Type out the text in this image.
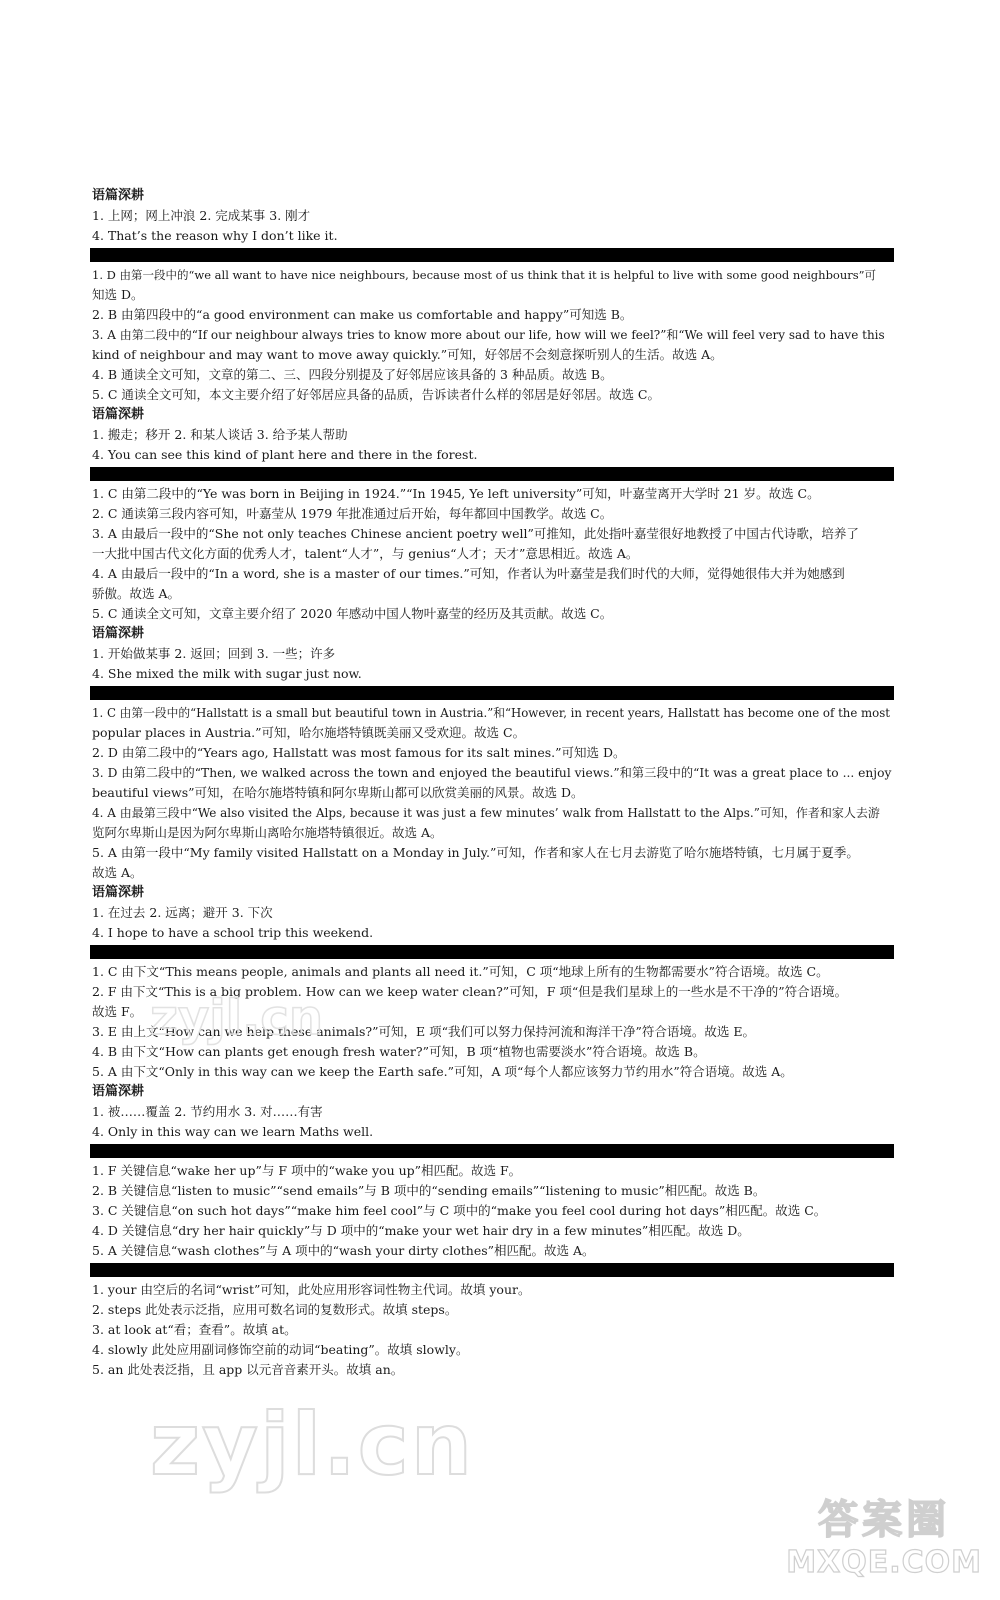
语篇深耕
1. 上网；网上冲浪 2. 完成某事 3. 刚才
4. That’s the reason why I don’t like it.
1. D 由第一段中的“we all want to have nice neighbours, because most of us think that it is helpful to live with some good neighbours”可
知选 D。
2. B 由第四段中的“a good environment can make us comfortable and happy”可知选 B。
3. A 由第二段中的“If our neighbour always tries to know more about our life, how will we feel?”和“We will feel very sad to have this
kind of neighbour and may want to move away quickly.”可知，好邻居不会刻意探听别人的生活。故选 A。
4. B 通读全文可知，文章的第二、三、四段分别提及了好邻居应该具备的 3 种品质。故选 B。
5. C 通读全文可知，本文主要介绍了好邻居应具备的品质，告诉读者什么样的邻居是好邻居。故选 C。
语篇深耕
1. 搬走；移开 2. 和某人谈话 3. 给予某人帮助
4. You can see this kind of plant here and there in the forest.
1. C 由第二段中的“Ye was born in Beijing in 1924.”“In 1945, Ye left university”可知，叶嘉莹离开大学时 21 岁。故选 C。
2. C 通读第三段内容可知，叶嘉莹从 1979 年批准通过后开始，每年都回中国教学。故选 C。
3. A 由最后一段中的“She not only teaches Chinese ancient poetry well”可推知，此处指叶嘉莹很好地教授了中国古代诗歌，培养了
一大批中国古代文化方面的优秀人才，talent“人才”，与 genius“人才；天才”意思相近。故选 A。
4. A 由最后一段中的“In a word, she is a master of our times.”可知，作者认为叶嘉莹是我们时代的大师，觉得她很伟大并为她感到
骄傲。故选 A。
5. C 通读全文可知，文章主要介绍了 2020 年感动中国人物叶嘉莹的经历及其贡献。故选 C。
语篇深耕
1. 开始做某事 2. 返回；回到 3. 一些；许多
4. She mixed the milk with sugar just now.
1. C 由第一段中的“Hallstatt is a small but beautiful town in Austria.”和“However, in recent years, Hallstatt has become one of the most
popular places in Austria.”可知，哈尔施塔特镇既美丽又受欢迎。故选 C。
2. D 由第二段中的“Years ago, Hallstatt was most famous for its salt mines.”可知选 D。
3. D 由第二段中的“Then, we walked across the town and enjoyed the beautiful views.”和第三段中的“It was a great place to ... enjoy
beautiful views”可知，在哈尔施塔特镇和阿尔卑斯山都可以欣赏美丽的风景。故选 D。
4. A 由最第三段中“We also visited the Alps, because it was just a few minutes’ walk from Hallstatt to the Alps.”可知，作者和家人去游
览阿尔卑斯山是因为阿尔卑斯山离哈尔施塔特镇很近。故选 A。
5. A 由第一段中“My family visited Hallstatt on a Monday in July.”可知，作者和家人在七月去游览了哈尔施塔特镇，七月属于夏季。
故选 A。
语篇深耕
1. 在过去 2. 远离；避开 3. 下次
4. I hope to have a school trip this weekend.
1. C 由下文“This means people, animals and plants all need it.”可知，C 项“地球上所有的生物都需要水”符合语境。故选 C。
2. F 由下文“This is a big problem. How can we keep water clean?”可知，F 项“但是我们星球上的一些水是不干净的”符合语境。
故选 F。
3. E 由上文“How can we help these animals?”可知，E 项“我们可以努力保持河流和海洋干净”符合语境。故选 E。
4. B 由下文“How can plants get enough fresh water?”可知，B 项“植物也需要淡水”符合语境。故选 B。
5. A 由下文“Only in this way can we keep the Earth safe.”可知，A 项“每个人都应该努力节约用水”符合语境。故选 A。
语篇深耕
1. 被……覆盖 2. 节约用水 3. 对……有害
4. Only in this way can we learn Maths well.
1. F 关键信息“wake her up”与 F 项中的“wake you up”相匹配。故选 F。
2. B 关键信息“listen to music”“send emails”与 B 项中的“sending emails”“listening to music”相匹配。故选 B。
3. C 关键信息“on such hot days”“make him feel cool”与 C 项中的“make you feel cool during hot days”相匹配。故选 C。
4. D 关键信息“dry her hair quickly”与 D 项中的“make your wet hair dry in a few minutes”相匹配。故选 D。
5. A 关键信息“wash clothes”与 A 项中的“wash your dirty clothes”相匹配。故选 A。
1. your 由空后的名词“wrist”可知，此处应用形容词性物主代词。故填 your。
2. steps 此处表示泛指，应用可数名词的复数形式。故填 steps。
3. at look at“看；查看”。故填 at。
4. slowly 此处应用副词修饰空前的动词“beating”。故填 slowly。
5. an 此处表泛指，且 app 以元音音素开头。故填 an。
zyjl.cn
zyjl.cn
答案圈
MXQE.COM
